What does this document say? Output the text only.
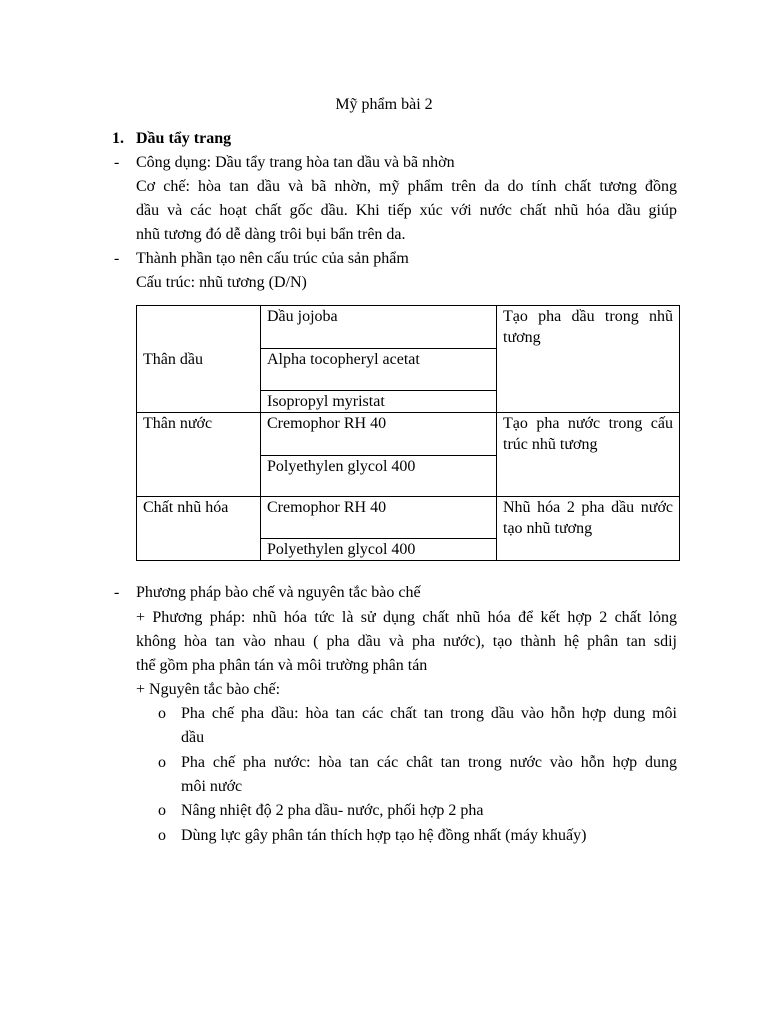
Mỹ phẩm bài 2
1. Dầu tẩy trang
- Công dụng: Dầu tẩy trang hòa tan dầu và bã nhờn
Cơ chế: hòa tan dầu và bã nhờn, mỹ phẩm trên da do tính chất tương đồng
dầu và các hoạt chất gốc dầu. Khi tiếp xúc với nước chất nhũ hóa dầu giúp
nhũ tương đó dễ dàng trôi bụi bẩn trên da.
- Thành phần tạo nên cấu trúc của sản phẩm
Cấu trúc: nhũ tương (D/N)
Thân dầu	Dầu jojoba	Tạo pha dầu trong nhũ tương
	Alpha tocopheryl acetat	
	Isopropyl myristat	
Thân nước	Cremophor RH 40	Tạo pha nước trong cấu trúc nhũ tương
	Polyethylen glycol 400	
Chất nhũ hóa	Cremophor RH 40	Nhũ hóa 2 pha dầu nước tạo nhũ tương
	Polyethylen glycol 400	
- Phương pháp bào chế và nguyên tắc bào chế
+ Phương pháp: nhũ hóa tức là sử dụng chất nhũ hóa để kết hợp 2 chất lỏng
không hòa tan vào nhau ( pha dầu và pha nước), tạo thành hệ phân tan sdij
thể gồm pha phân tán và môi trường phân tán
+ Nguyên tắc bào chế:
o Pha chế pha dầu: hòa tan các chất tan trong dầu vào hỗn hợp dung môi
dầu
o Pha chế pha nước: hòa tan các chât tan trong nước vào hỗn hợp dung
môi nước
o Nâng nhiệt độ 2 pha dầu- nước, phối hợp 2 pha
o Dùng lực gây phân tán thích hợp tạo hệ đồng nhất (máy khuấy)
